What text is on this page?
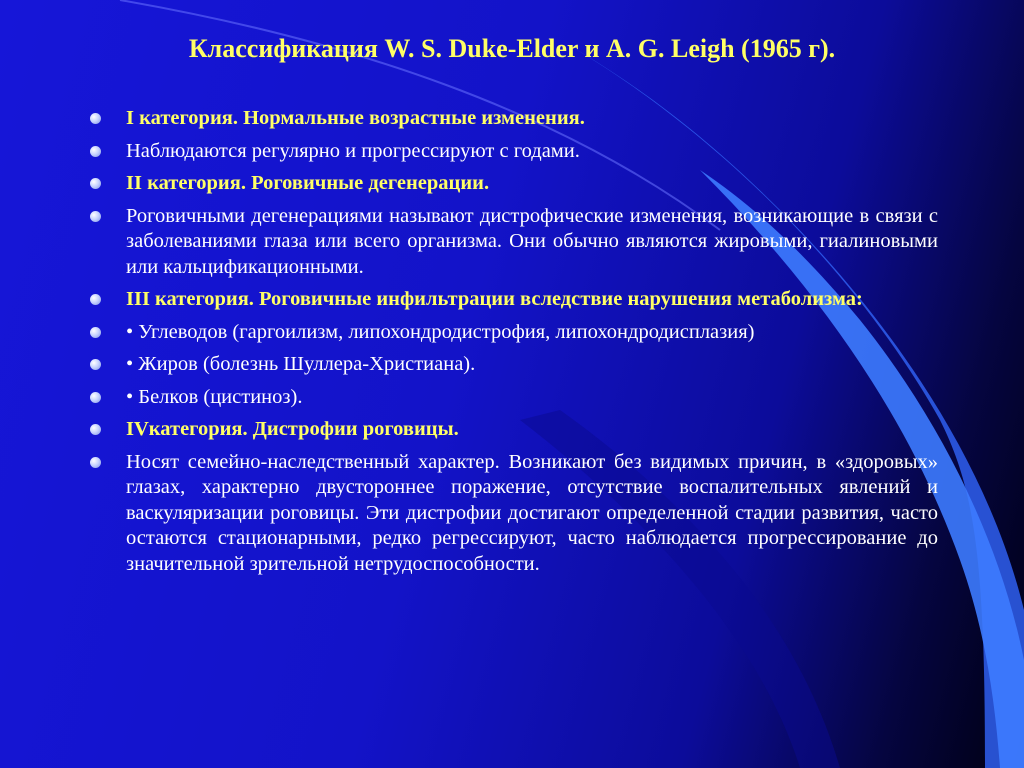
Классификация W. S. Duke-Elder и A. G. Leigh (1965 г).
I категория. Нормальные возрастные изменения.
Наблюдаются регулярно и прогрессируют с годами.
II категория. Роговичные дегенерации.
Роговичными дегенерациями называют дистрофические изменения, возникающие в связи с заболеваниями глаза или всего организма. Они обычно являются жировыми, гиалиновыми или кальцификационными.
III категория. Роговичные инфильтрации вследствие нарушения метаболизма:
• Углеводов (гаргоилизм, липохондродистрофия, липохондродисплазия)
• Жиров (болезнь Шуллера-Христиана).
• Белков (цистиноз).
IVкатегория. Дистрофии роговицы.
Носят семейно-наследственный характер. Возникают без видимых причин, в «здоровых» глазах, характерно двустороннее поражение, отсутствие воспалительных явлений и васкуляризации роговицы. Эти дистрофии достигают определенной стадии развития, часто остаются стационарными, редко регрессируют, часто наблюдается прогрессирование до значительной зрительной нетрудоспособности.
